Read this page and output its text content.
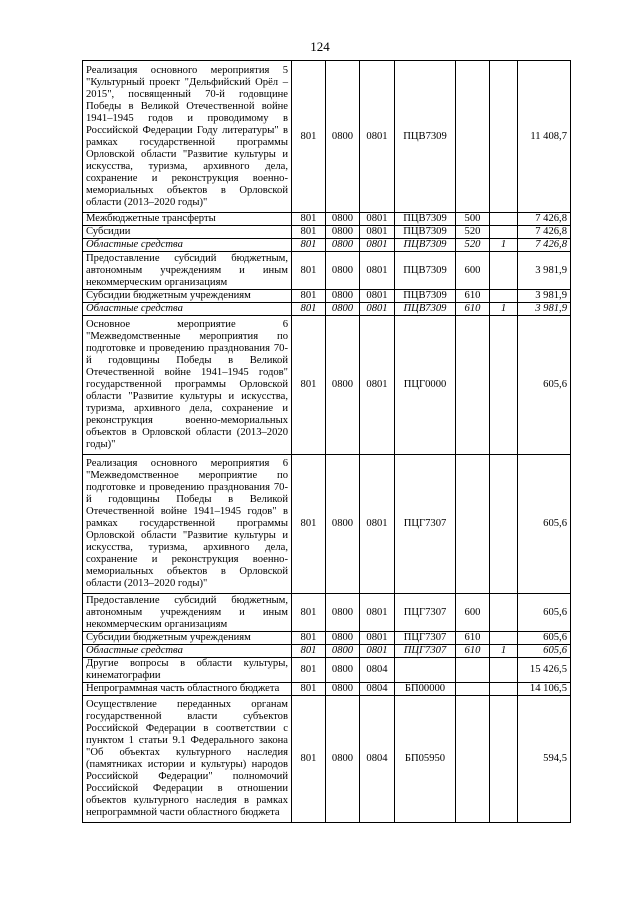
124
Реализация основного мероприятия 5 "Культурный проект "Дельфийский Орёл – 2015", посвященный 70-й годовщине Победы в Великой Отечественной войне 1941–1945 годов и проводимому в Российской Федерации Году литературы" в рамках государственной программы Орловской области "Развитие культуры и искусства, туризма, архивного дела, сохранение и реконструкция военно-мемориальных объектов в Орловской области (2013–2020 годы)"	801	0800	0801	ПЦВ7309			11 408,7
Межбюджетные трансферты	801	0800	0801	ПЦВ7309	500		7 426,8
Субсидии	801	0800	0801	ПЦВ7309	520		7 426,8
Областные средства	801	0800	0801	ПЦВ7309	520	1	7 426,8
Предоставление субсидий бюджетным, автономным учреждениям и иным некоммерческим организациям	801	0800	0801	ПЦВ7309	600		3 981,9
Субсидии бюджетным учреждениям	801	0800	0801	ПЦВ7309	610		3 981,9
Областные средства	801	0800	0801	ПЦВ7309	610	1	3 981,9
Основное мероприятие 6 "Межведомственные мероприятия по подготовке и проведению празднования 70-й годовщины Победы в Великой Отечественной войне 1941–1945 годов" государственной программы Орловской области "Развитие культуры и искусства, туризма, архивного дела, сохранение и реконструкция военно-мемориальных объектов в Орловской области (2013–2020 годы)"	801	0800	0801	ПЦГ0000			605,6
Реализация основного мероприятия 6 "Межведомственное мероприятие по подготовке и проведению празднования 70-й годовщины Победы в Великой Отечественной войне 1941–1945 годов" в рамках государственной программы Орловской области "Развитие культуры и искусства, туризма, архивного дела, сохранение и реконструкция военно-мемориальных объектов в Орловской области (2013–2020 годы)"	801	0800	0801	ПЦГ7307			605,6
Предоставление субсидий бюджетным, автономным учреждениям и иным некоммерческим организациям	801	0800	0801	ПЦГ7307	600		605,6
Субсидии бюджетным учреждениям	801	0800	0801	ПЦГ7307	610		605,6
Областные средства	801	0800	0801	ПЦГ7307	610	1	605,6
Другие вопросы в области культуры, кинематографии	801	0800	0804				15 426,5
Непрограммная часть областного бюджета	801	0800	0804	БП00000			14 106,5
Осуществление переданных органам государственной власти субъектов Российской Федерации в соответствии с пунктом 1 статьи 9.1 Федерального закона "Об объектах культурного наследия (памятниках истории и культуры) народов Российской Федерации" полномочий Российской Федерации в отношении объектов культурного наследия в рамках непрограммной части областного бюджета	801	0800	0804	БП05950			594,5
